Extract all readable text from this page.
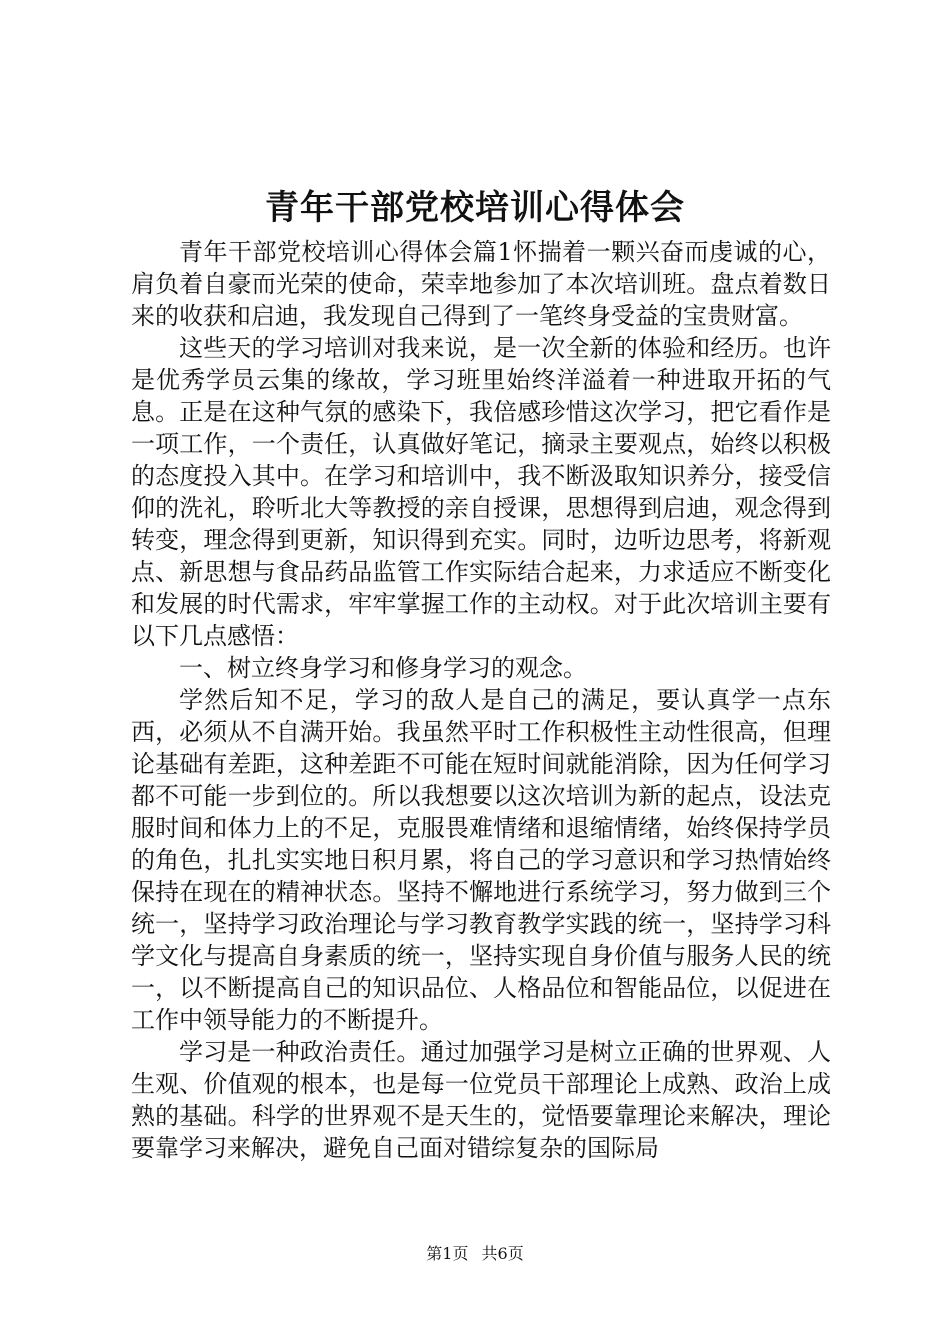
青年干部党校培训心得体会

青年干部党校培训心得体会篇1怀揣着一颗兴奋而虔诚的心，肩负着自豪而光荣的使命，荣幸地参加了本次培训班。盘点着数日来的收获和启迪，我发现自己得到了一笔终身受益的宝贵财富。

这些天的学习培训对我来说，是一次全新的体验和经历。也许是优秀学员云集的缘故，学习班里始终洋溢着一种进取开拓的气息。正是在这种气氛的感染下，我倍感珍惜这次学习，把它看作是一项工作，一个责任，认真做好笔记，摘录主要观点，始终以积极的态度投入其中。在学习和培训中，我不断汲取知识养分，接受信仰的洗礼，聆听北大等教授的亲自授课，思想得到启迪，观念得到转变，理念得到更新，知识得到充实。同时，边听边思考，将新观点、新思想与食品药品监管工作实际结合起来，力求适应不断变化和发展的时代需求，牢牢掌握工作的主动权。对于此次培训主要有以下几点感悟：

一、树立终身学习和修身学习的观念。

学然后知不足，学习的敌人是自己的满足，要认真学一点东西，必须从不自满开始。我虽然平时工作积极性主动性很高，但理论基础有差距，这种差距不可能在短时间就能消除，因为任何学习都不可能一步到位的。所以我想要以这次培训为新的起点，设法克服时间和体力上的不足，克服畏难情绪和退缩情绪，始终保持学员的角色，扎扎实实地日积月累，将自己的学习意识和学习热情始终保持在现在的精神状态。坚持不懈地进行系统学习，努力做到三个统一，坚持学习政治理论与学习教育教学实践的统一，坚持学习科学文化与提高自身素质的统一，坚持实现自身价值与服务人民的统一，以不断提高自己的知识品位、人格品位和智能品位，以促进在工作中领导能力的不断提升。

学习是一种政治责任。通过加强学习是树立正确的世界观、人生观、价值观的根本，也是每一位党员干部理论上成熟、政治上成熟的基础。科学的世界观不是天生的，觉悟要靠理论来解决，理论要靠学习来解决，避免自己面对错综复杂的国际局

第1页 共6页
